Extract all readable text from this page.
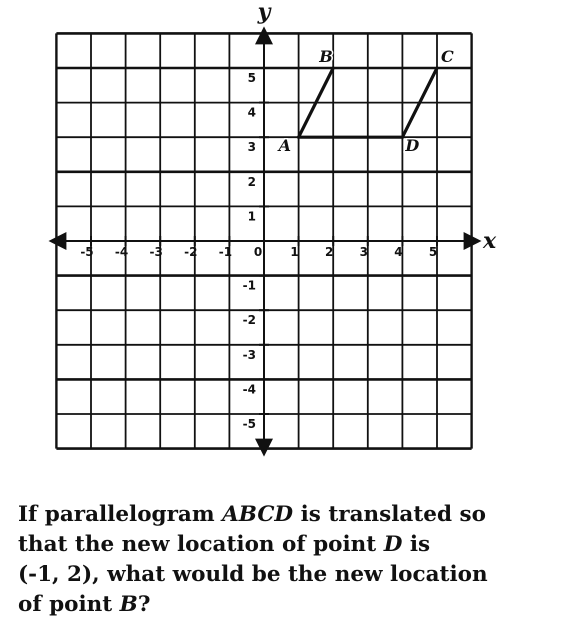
‑5 ‑4 ‑3 ‑2 ‑1 0 1 2 3 4 5
5
4
3
2
1
‑1
‑2
‑3
‑4
‑5
A
B	C
D
x
y
If parallelogram ABCD is translated so
that the new location of point D is
(‑1, 2), what would be the new location
of point B?
